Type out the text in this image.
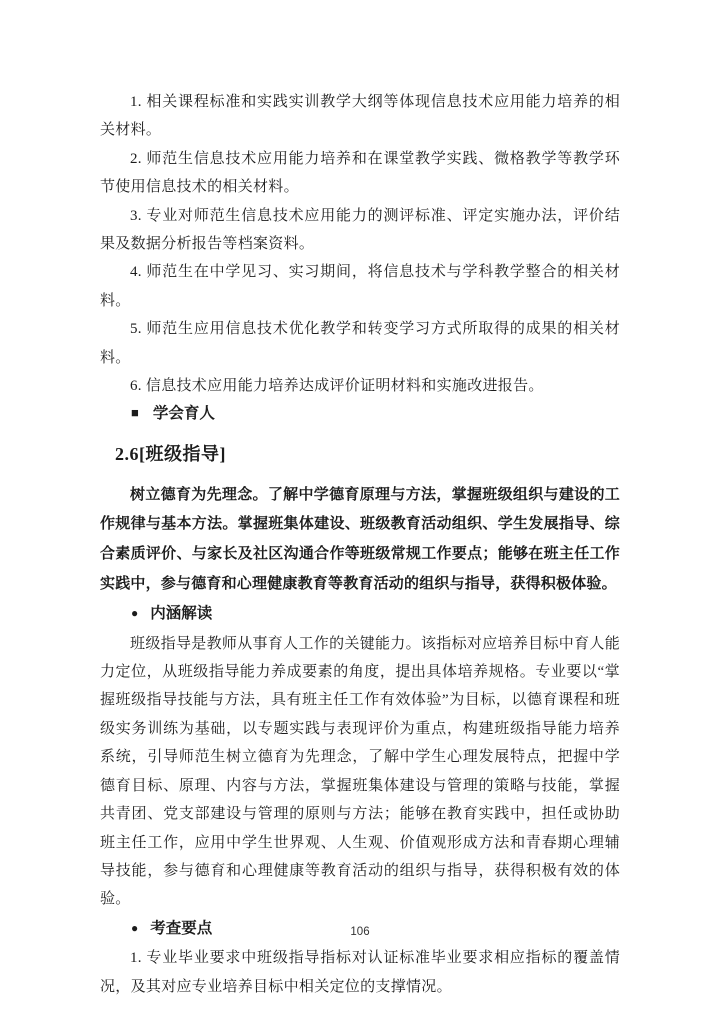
1. 相关课程标准和实践实训教学大纲等体现信息技术应用能力培养的相关材料。

2. 师范生信息技术应用能力培养和在课堂教学实践、微格教学等教学环节使用信息技术的相关材料。

3. 专业对师范生信息技术应用能力的测评标准、评定实施办法，评价结果及数据分析报告等档案资料。

4. 师范生在中学见习、实习期间，将信息技术与学科教学整合的相关材料。

5. 师范生应用信息技术优化教学和转变学习方式所取得的成果的相关材料。

6. 信息技术应用能力培养达成评价证明材料和实施改进报告。

■ 学会育人

2.6[班级指导]

树立德育为先理念。了解中学德育原理与方法，掌握班级组织与建设的工作规律与基本方法。掌握班集体建设、班级教育活动组织、学生发展指导、综合素质评价、与家长及社区沟通合作等班级常规工作要点；能够在班主任工作实践中，参与德育和心理健康教育等教育活动的组织与指导，获得积极体验。

● 内涵解读

班级指导是教师从事育人工作的关键能力。该指标对应培养目标中育人能力定位，从班级指导能力养成要素的角度，提出具体培养规格。专业要以“掌握班级指导技能与方法，具有班主任工作有效体验”为目标，以德育课程和班级实务训练为基础，以专题实践与表现评价为重点，构建班级指导能力培养系统，引导师范生树立德育为先理念，了解中学生心理发展特点，把握中学德育目标、原理、内容与方法，掌握班集体建设与管理的策略与技能，掌握共青团、党支部建设与管理的原则与方法；能够在教育实践中，担任或协助班主任工作，应用中学生世界观、人生观、价值观形成方法和青春期心理辅导技能，参与德育和心理健康等教育活动的组织与指导，获得积极有效的体验。

● 考查要点

1. 专业毕业要求中班级指导指标对认证标准毕业要求相应指标的覆盖情况，及其对应专业培养目标中相关定位的支撑情况。

106
